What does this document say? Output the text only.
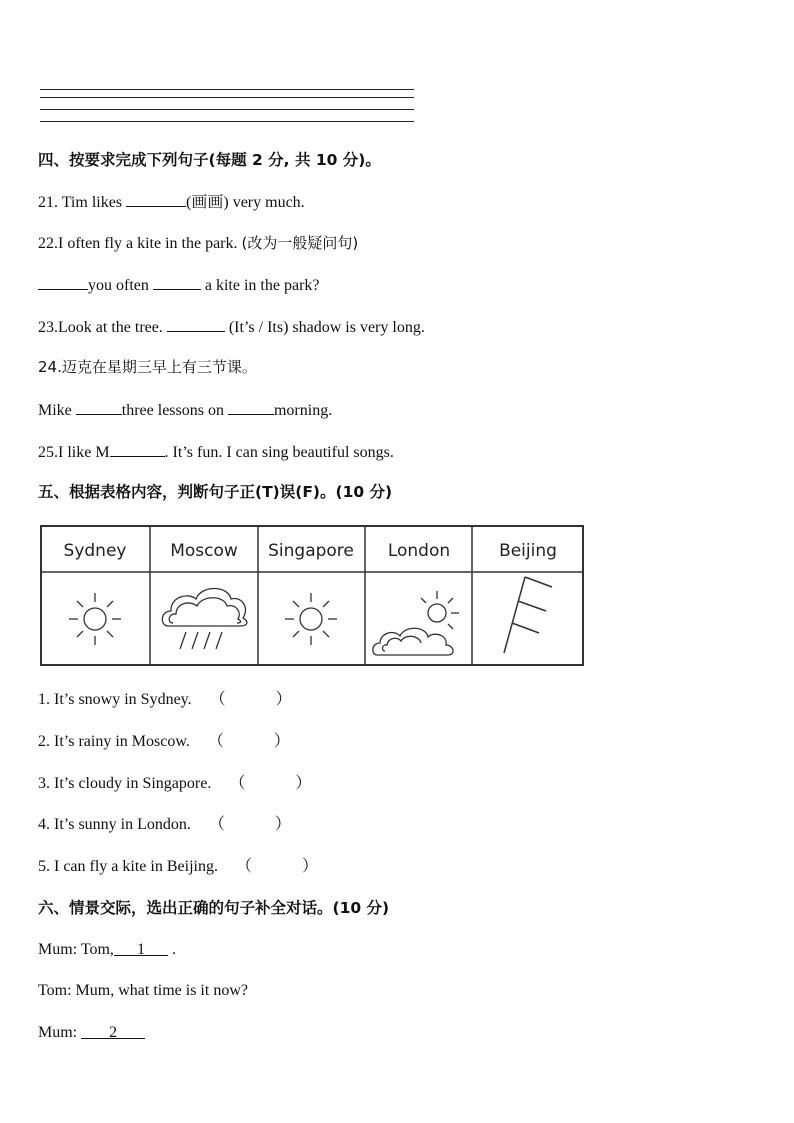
四、按要求完成下列句子(每题 2 分, 共 10 分)。
21. Tim likes	(画画) very much.
22.I often fly a kite in the park. (改为一般疑问句)
you often	a kite in the park?
23.Look at the tree.	(It’s / Its) shadow is very long.
24.迈克在星期三早上有三节课。
Mike	three lessons on	morning.
25.I like M	. It’s fun. I can sing beautiful songs.
五、根据表格内容，判断句子正(T)误(F)。(10 分)
Sydney	Moscow Singapore London	Beijing
1. It’s snowy in Sydney. （	）
2. It’s rainy in Moscow. （	）
3. It’s cloudy in Singapore. （	）
4. It’s sunny in London. （	）
5. I can fly a kite in Beijing. （	）
六、情景交际，选出正确的句子补全对话。(10 分)
Mum: Tom, 1 .
Tom: Mum, what time is it now?
Mum: 2
